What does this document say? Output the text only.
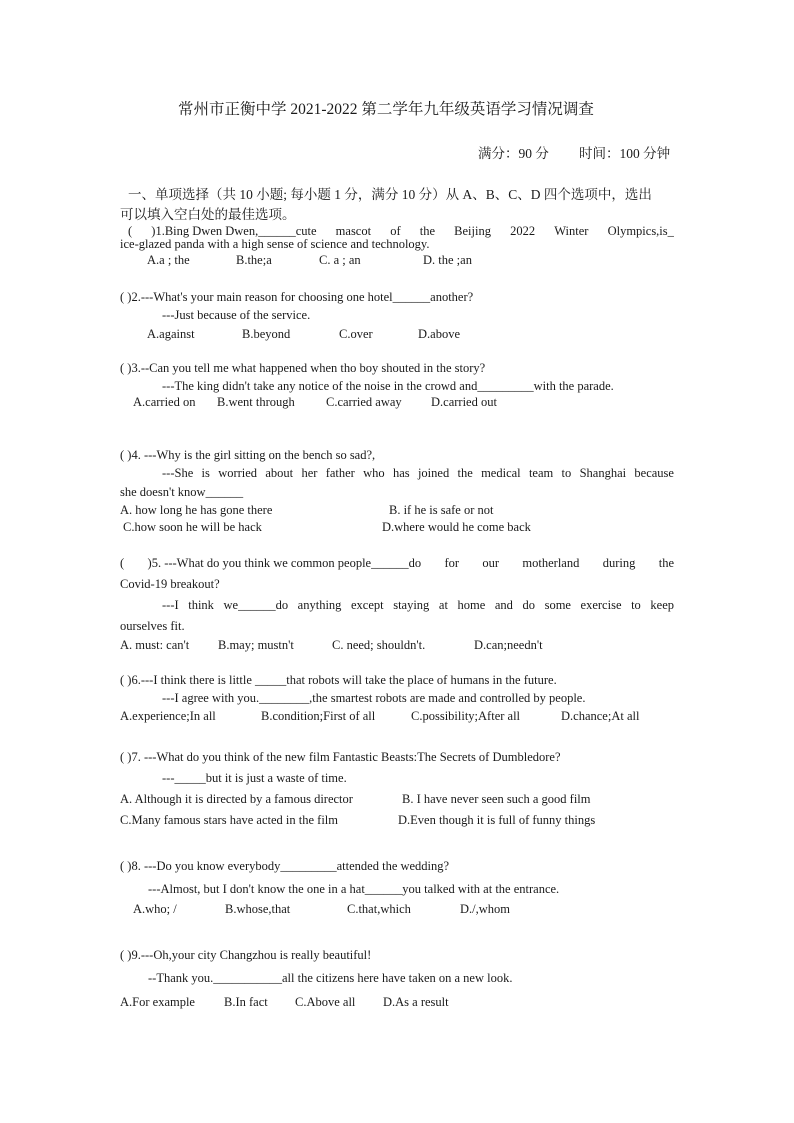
常州市正衡中学 2021-2022 第二学年九年级英语学习情况调查
满分：90 分 时间：100 分钟
一、单项选择（共 10 小题; 每小题 1 分，满分 10 分）从 A、B、C、D 四个选项中，选出
可以填入空白处的最佳选项。
( )1.Bing Dwen Dwen,______cute mascot of the Beijing 2022 Winter Olympics,is_
ice-glazed panda with a high sense of science and technology.
A.a ; the	B.the;a	C. a ; an	D. the ;an
( )2.---What's your main reason for choosing one hotel______another?
---Just because of the service.
A.against	B.beyond	C.over	D.above
( )3.--Can you tell me what happened when tho boy shouted in the story?
---The king didn't take any notice of the noise in the crowd and_________with the parade.
A.carried on B.went through C.carried away D.carried out
( )4. ---Why is the girl sitting on the bench so sad?,
---She is worried about her father who has joined the medical team to Shanghai because
she doesn't know______
A. how long he has gone there	B. if he is safe or not
C.how soon he will be hack	D.where would he come back
( )5. ---What do you think we common people______do for our motherland during the
Covid-19 breakout?
---I think we______do anything except staying at home and do some exercise to keep
ourselves fit.
A. must: can't B.may; mustn't	C. need; shouldn't.	D.can;needn't
( )6.---I think there is little _____that robots will take the place of humans in the future.
---I agree with you.________,the smartest robots are made and controlled by people.
A.experience;In all	B.condition;First of all	C.possibility;After all	D.chance;At all
( )7. ---What do you think of the new film Fantastic Beasts:The Secrets of Dumbledore?
---_____but it is just a waste of time.
A. Although it is directed by a famous director	B. I have never seen such a good film
C.Many famous stars have acted in the film	D.Even though it is full of funny things
( )8. ---Do you know everybody_________attended the wedding?
---Almost, but I don't know the one in a hat______you talked with at the entrance.
A.who; /	B.whose,that	C.that,which	D./,whom
( )9.---Oh,your city Changzhou is really beautiful!
--Thank you.___________all the citizens here have taken on a new look.
A.For example B.In fact C.Above all D.As a result
